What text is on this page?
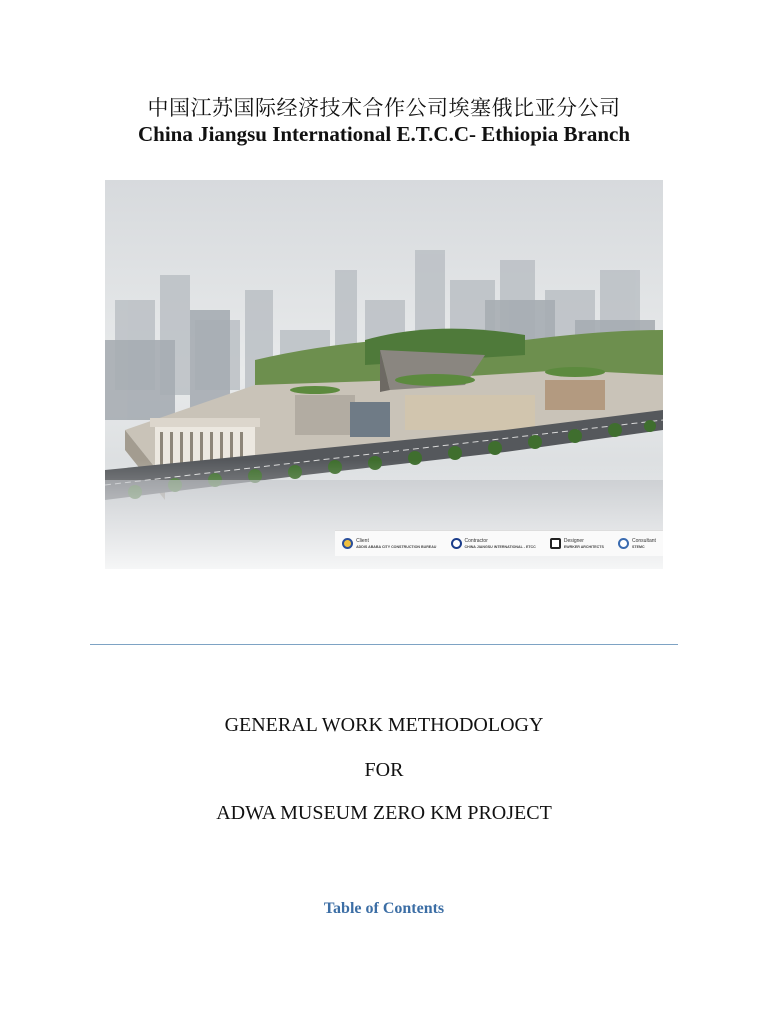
中国江苏国际经济技术合作公司埃塞俄比亚分公司
China Jiangsu International E.T.C.C- Ethiopia Branch
Client
ADDIS ABABA CITY CONSTRUCTION BUREAU
Contractor
CHINA JIANGSU INTERNATIONAL - ETCC
Designer
EWRKER ARCHITECTS
Consultant
STEMC
GENERAL WORK METHODOLOGY
FOR
ADWA MUSEUM ZERO KM PROJECT
Table of Contents
